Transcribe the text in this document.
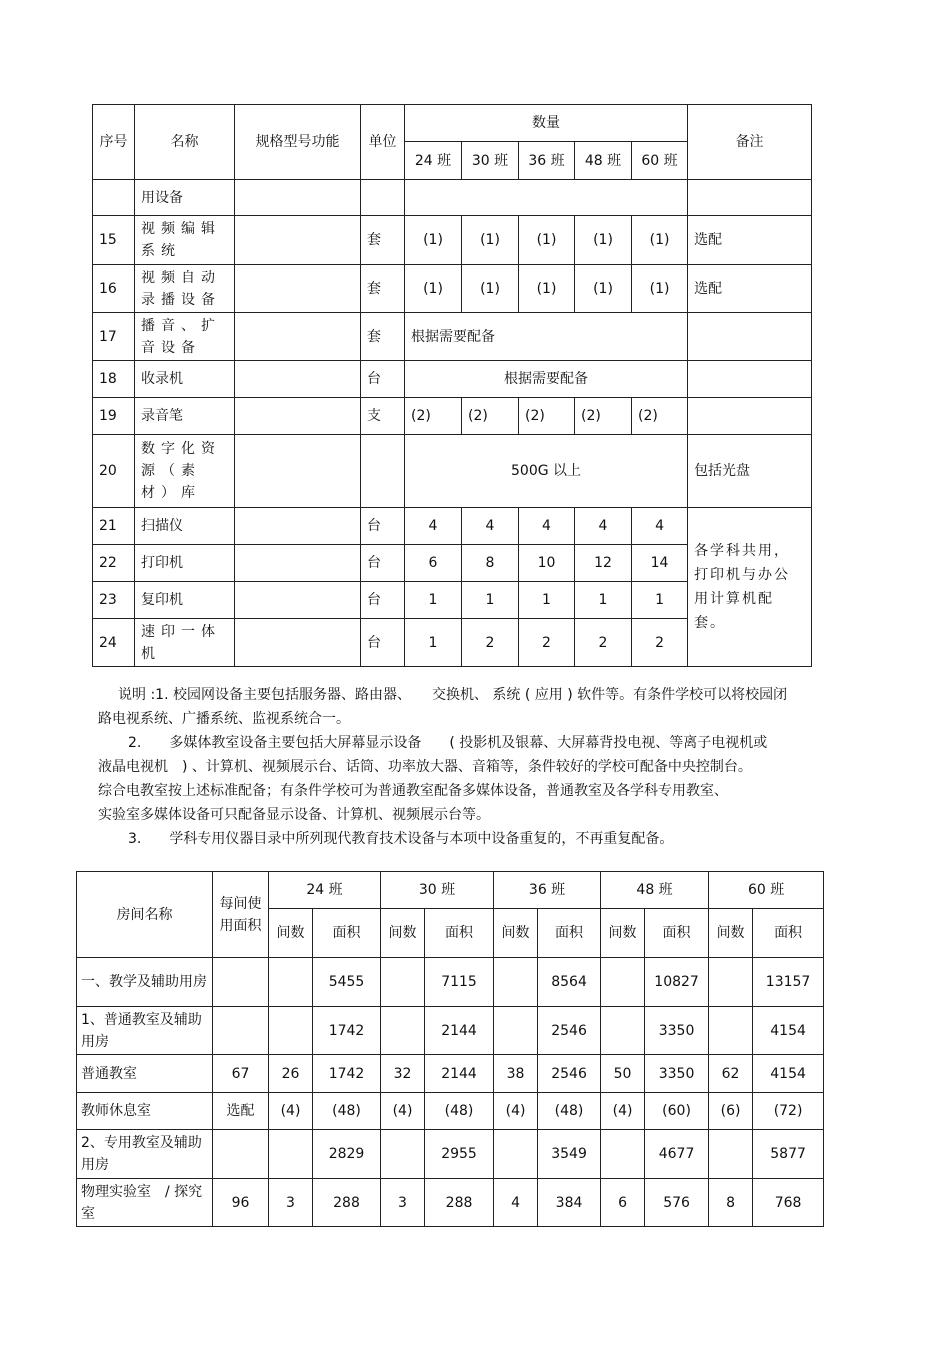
序号	名称	规格型号功能	单位	数量					备注
				24 班	30 班	36 班	48 班	60 班	
	用设备								
15	视频编辑系统		套	(1)	(1)	(1)	(1)	(1)	选配
16	视频自动录播设备		套	(1)	(1)	(1)	(1)	(1)	选配
17	播音、扩音设备		套	根据需要配备					
18	收录机		台	根据需要配备					
19	录音笔		支	(2)	(2)	(2)	(2)	(2)	
20	数字化资源（素材）库			500G 以上					包括光盘
21	扫描仪		台	4	4	4	4	4	各学科共用，打印机与办公用计算机配套。
22	打印机		台	6	8	10	12	14	
23	复印机		台	1	1	1	1	1	
24	速印一体机		台	1	2	2	2	2	

说明 :1. 校园网设备主要包括服务器、路由器、　　交换机、 系统 ( 应用 ) 软件等。有条件学校可以将校园闭

路电视系统、广播系统、监视系统合一。

2.　　多媒体教室设备主要包括大屏幕显示设备　　( 投影机及银幕、大屏幕背投电视、等离子电视机或

液晶电视机　) 、计算机、视频展示台、话筒、功率放大器、音箱等，条件较好的学校可配备中央控制台。

综合电教室按上述标准配备；有条件学校可为普通教室配备多媒体设备，普通教室及各学科专用教室、

实验室多媒体设备可只配备显示设备、计算机、视频展示台等。

3.　　学科专用仪器目录中所列现代教育技术设备与本项中设备重复的，不再重复配备。

房间名称	每间使用面积	24 班		30 班		36 班		48 班		60 班	
		间数	面积	间数	面积	间数	面积	间数	面积	间数	面积
一、教学及辅助用房			5455		7115		8564		10827		13157
1、普通教室及辅助用房			1742		2144		2546		3350		4154
普通教室	67	26	1742	32	2144	38	2546	50	3350	62	4154
教师休息室	选配	(4)	(48)	(4)	(48)	(4)	(48)	(4)	(60)	(6)	(72)
2、专用教室及辅助用房			2829		2955		3549		4677		5877
物理实验室　/ 探究室	96	3	288	3	288	4	384	6	576	8	768
